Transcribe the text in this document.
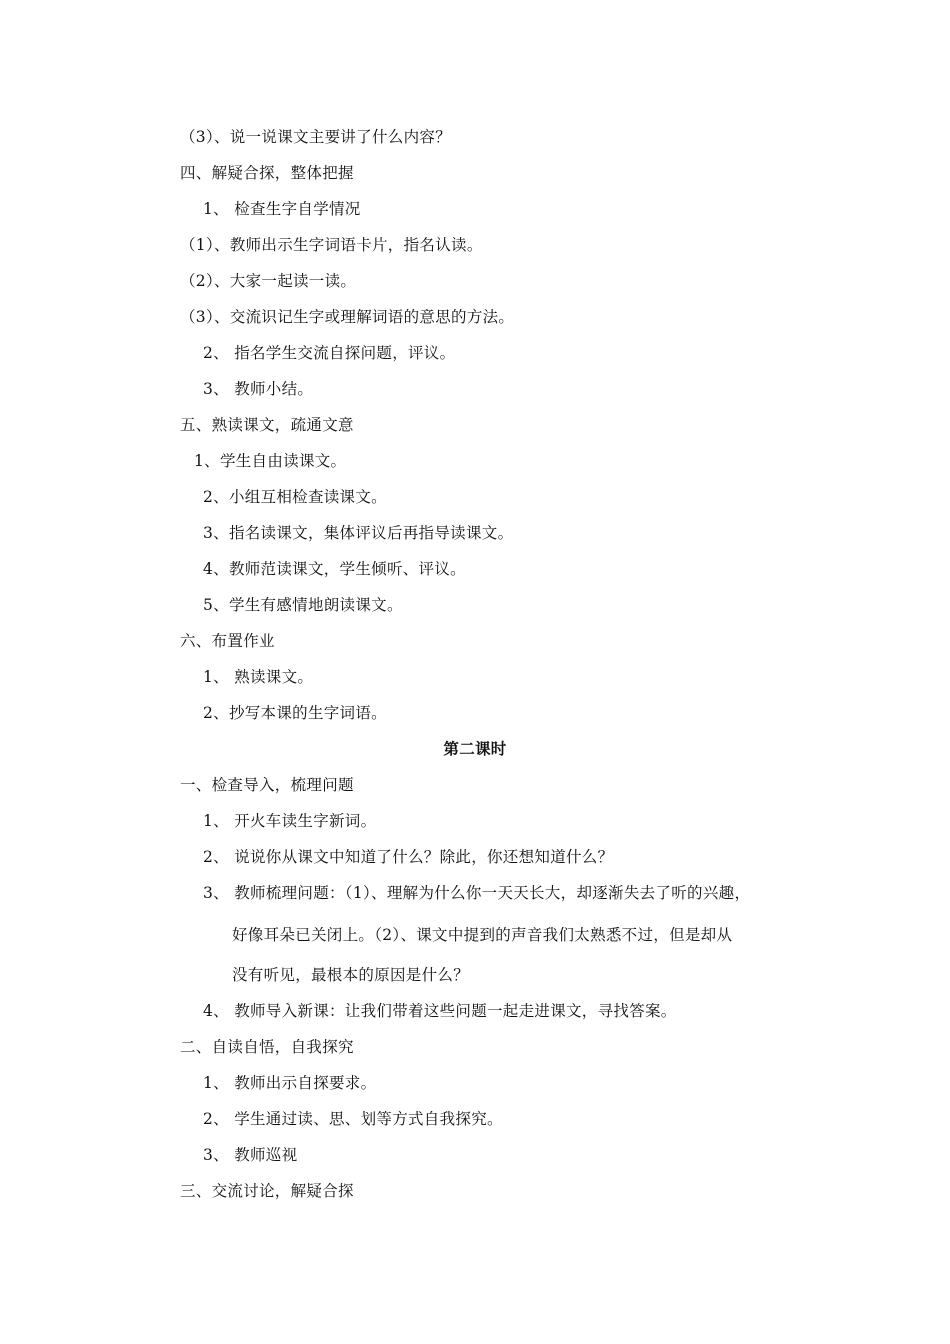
（3）、说一说课文主要讲了什么内容？
四、解疑合探，整体把握
1、 检查生字自学情况
（1）、教师出示生字词语卡片，指名认读。
（2）、大家一起读一读。
（3）、交流识记生字或理解词语的意思的方法。
2、 指名学生交流自探问题，评议。
3、 教师小结。
五、熟读课文，疏通文意
1、学生自由读课文。
2、小组互相检查读课文。
3、指名读课文，集体评议后再指导读课文。
4、教师范读课文，学生倾听、评议。
5、学生有感情地朗读课文。
六、布置作业
1、 熟读课文。
2、抄写本课的生字词语。
第二课时
一、检查导入，梳理问题
1、 开火车读生字新词。
2、 说说你从课文中知道了什么？除此，你还想知道什么？
3、 教师梳理问题：（1）、理解为什么你一天天长大，却逐渐失去了听的兴趣，
好像耳朵已关闭上。（2）、课文中提到的声音我们太熟悉不过，但是却从
没有听见，最根本的原因是什么？
4、 教师导入新课：让我们带着这些问题一起走进课文，寻找答案。
二、自读自悟，自我探究
1、 教师出示自探要求。
2、 学生通过读、思、划等方式自我探究。
3、 教师巡视
三、交流讨论，解疑合探
